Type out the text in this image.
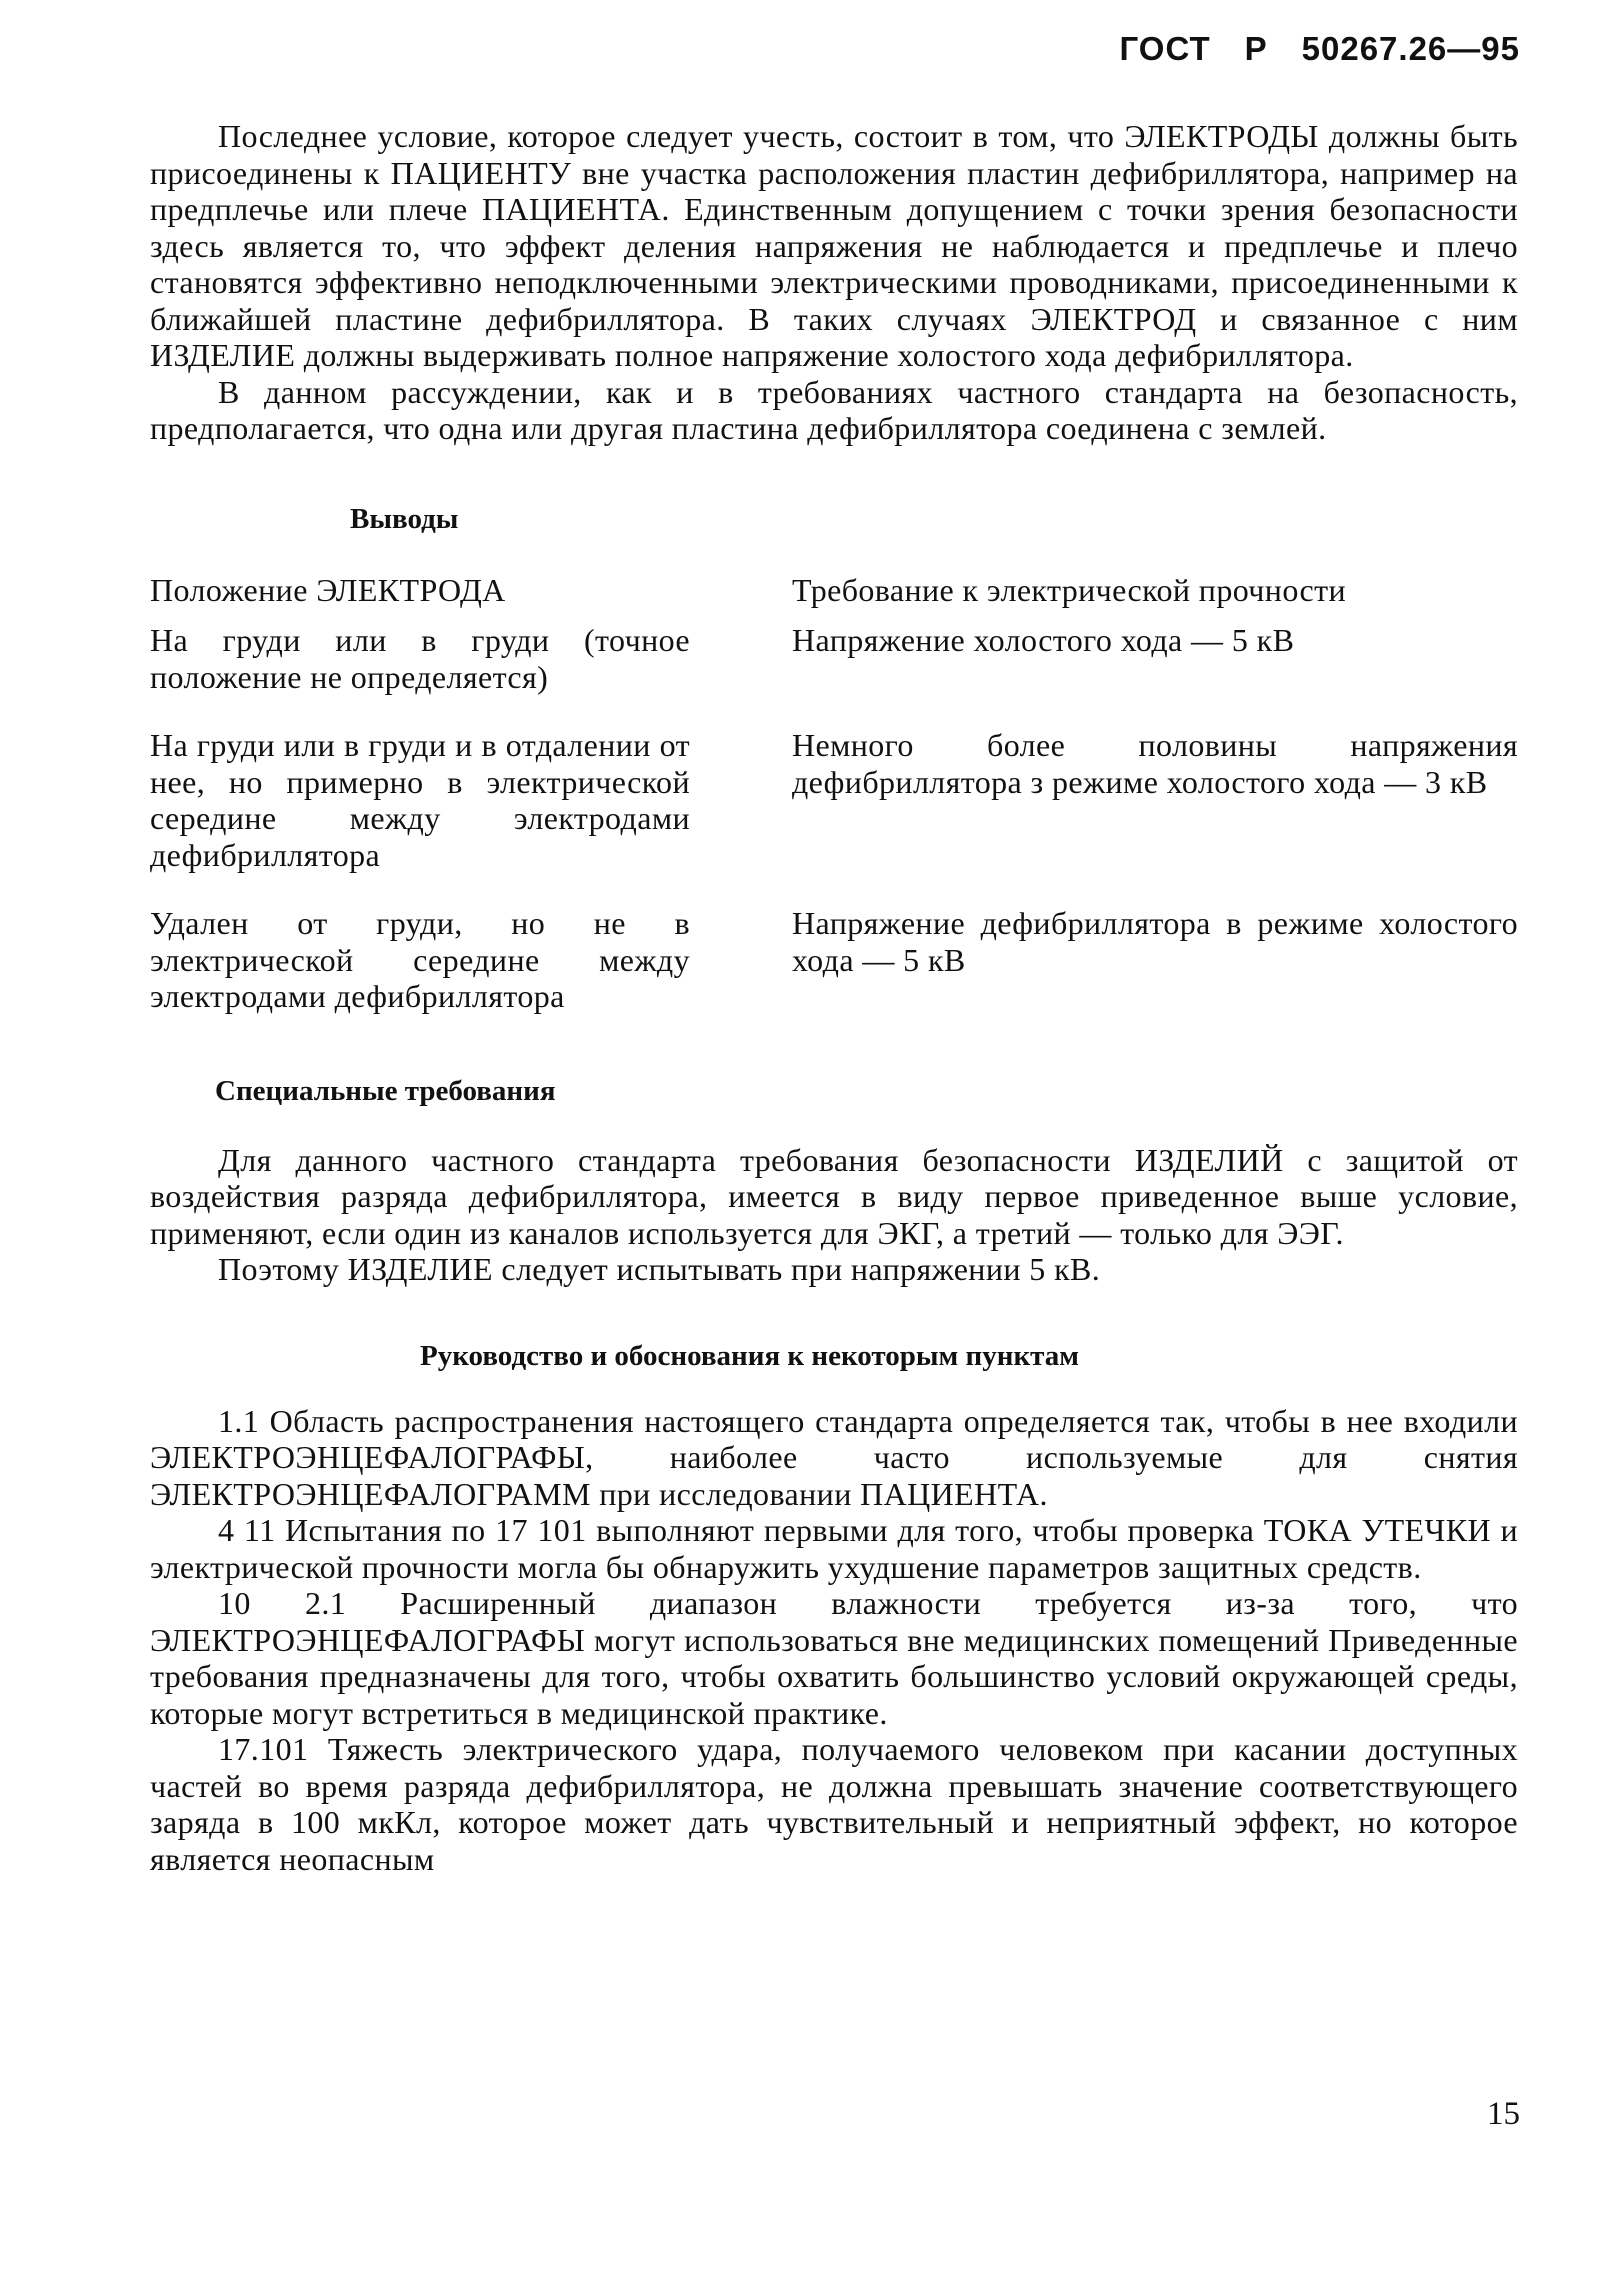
ГОСТ Р 50267.26—95

Последнее условие, которое следует учесть, состоит в том, что ЭЛЕКТРОДЫ должны быть присоединены к ПАЦИЕНТУ вне участка расположения пластин дефибриллятора, например на предплечье или плече ПАЦИЕНТА. Единственным допущением с точки зрения безопасности здесь является то, что эффект деления напряжения не наблюдается и предплечье и плечо становятся эффективно неподключенными электрическими проводниками, присоединенными к ближайшей пластине дефибриллятора. В таких случаях ЭЛЕКТРОД и связанное с ним ИЗДЕЛИЕ должны выдерживать полное напряжение холостого хода дефибриллятора.

В данном рассуждении, как и в требованиях частного стандарта на безопасность, предполагается, что одна или другая пластина дефибриллятора соединена с землей.

Выводы
Положение ЭЛЕКТРОДА	Требование к электрической прочности
На груди или в груди (точное положение не определяется)
Напряжение холостого хода — 5 кВ
На груди или в груди и в отдалении от нее, но примерно в электрической середине между электродами дефибриллятора
Немного более половины напряжения дефибриллятора з режиме холостого хода — 3 кВ
Удален от груди, но не в электрической середине между электродами дефибриллятора
Напряжение дефибриллятора в режиме холостого хода — 5 кВ
Специальные требования

Для данного частного стандарта требования безопасности ИЗДЕЛИЙ с защитой от воздействия разряда дефибриллятора, имеется в виду первое приведенное выше условие, применяют, если один из каналов используется для ЭКГ, а третий — только для ЭЭГ.

Поэтому ИЗДЕЛИЕ следует испытывать при напряжении 5 кВ.

Руководство и обоснования к некоторым пунктам

1.1 Область распространения настоящего стандарта определяется так, чтобы в нее входили ЭЛЕКТРОЭНЦЕФАЛОГРАФЫ, наиболее часто используемые для снятия ЭЛЕКТРОЭНЦЕФАЛОГРАММ при исследовании ПАЦИЕНТА.

4 11 Испытания по 17 101 выполняют первыми для того, чтобы проверка ТОКА УТЕЧКИ и электрической прочности могла бы обнаружить ухудшение параметров защитных средств.

10 2.1 Расширенный диапазон влажности требуется из-за того, что ЭЛЕКТРОЭНЦЕФАЛОГРАФЫ могут использоваться вне медицинских помещений Приведенные требования предназначены для того, чтобы охватить большинство условий окружающей среды, которые могут встретиться в медицинской практике.

17.101 Тяжесть электрического удара, получаемого человеком при касании доступных частей во время разряда дефибриллятора, не должна превышать значение соответствующего заряда в 100 мкКл, которое может дать чувствительный и неприятный эффект, но которое является неопасным

15
